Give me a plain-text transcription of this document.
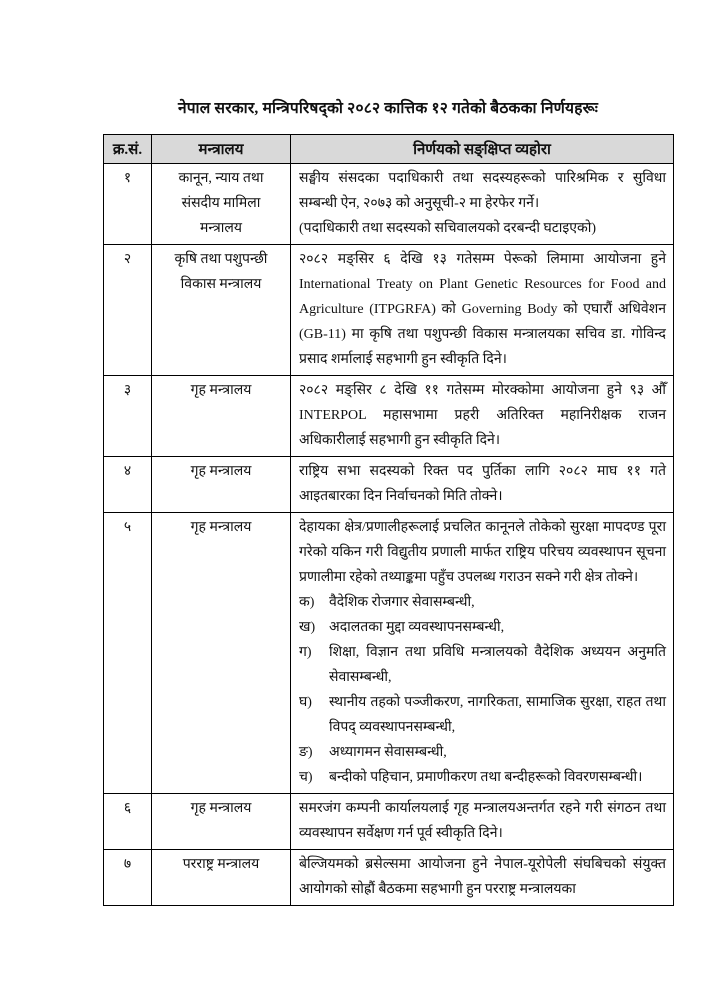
नेपाल सरकार, मन्त्रिपरिषद्को २०८२ कात्तिक १२ गतेको बैठकका निर्णयहरूः
क्र.सं.	मन्त्रालय	निर्णयको सङ्क्षिप्त व्यहोरा
१	कानून, न्याय तथा संसदीय मामिला मन्त्रालय	सङ्घीय संसदका पदाधिकारी तथा सदस्यहरूको पारिश्रमिक र सुविधा सम्बन्धी ऐन, २०७३ को अनुसूची-२ मा हेरफेर गर्ने।

(पदाधिकारी तथा सदस्यको सचिवालयको दरबन्दी घटाइएको)

२	कृषि तथा पशुपन्छी विकास मन्त्रालय	२०८२ मङ्सिर ६ देखि १३ गतेसम्म पेरूको लिमामा आयोजना हुने International Treaty on Plant Genetic Resources for Food and Agriculture (ITPGRFA) को Governing Body को एघारौं अधिवेशन (GB-11) मा कृषि तथा पशुपन्छी विकास मन्त्रालयका सचिव डा. गोविन्द प्रसाद शर्मालाई सहभागी हुन स्वीकृति दिने।

३	गृह मन्त्रालय	२०८२ मङ्सिर ८ देखि ११ गतेसम्म मोरक्कोमा आयोजना हुने ९३ औँ INTERPOL महासभामा प्रहरी अतिरिक्त महानिरीक्षक राजन अधिकारीलाई सहभागी हुन स्वीकृति दिने।

४	गृह मन्त्रालय	राष्ट्रिय सभा सदस्यको रिक्त पद पुर्तिका लागि २०८२ माघ ११ गते आइतबारका दिन निर्वाचनको मिति तोक्ने।

५	गृह मन्त्रालय	देहायका क्षेत्र/प्रणालीहरूलाई प्रचलित कानूनले तोकेको सुरक्षा मापदण्ड पूरा गरेको यकिन गरी विद्युतीय प्रणाली मार्फत राष्ट्रिय परिचय व्यवस्थापन सूचना प्रणालीमा रहेको तथ्याङ्कमा पहुँच उपलब्ध गराउन सक्ने गरी क्षेत्र तोक्ने।

क)	वैदेशिक रोजगार सेवासम्बन्धी,
ख) अदालतका मुद्दा व्यवस्थापनसम्बन्धी,
ग)	शिक्षा, विज्ञान तथा प्रविधि मन्त्रालयको वैदेशिक अध्ययन अनुमति सेवासम्बन्धी,
घ)	स्थानीय तहको पञ्जीकरण, नागरिकता, सामाजिक सुरक्षा, राहत तथा विपद् व्यवस्थापनसम्बन्धी,
ङ)	अध्यागमन सेवासम्बन्धी,
च)	बन्दीको पहिचान, प्रमाणीकरण तथा बन्दीहरूको विवरणसम्बन्धी।

६	गृह मन्त्रालय	समरजंग कम्पनी कार्यालयलाई गृह मन्त्रालयअन्तर्गत रहने गरी संगठन तथा व्यवस्थापन सर्वेक्षण गर्न पूर्व स्वीकृति दिने।

७	परराष्ट्र मन्त्रालय	बेल्जियमको ब्रसेल्समा आयोजना हुने नेपाल-यूरोपेली संघबिचको संयुक्त आयोगको सोह्रौं बैठकमा सहभागी हुन परराष्ट्र मन्त्रालयका
